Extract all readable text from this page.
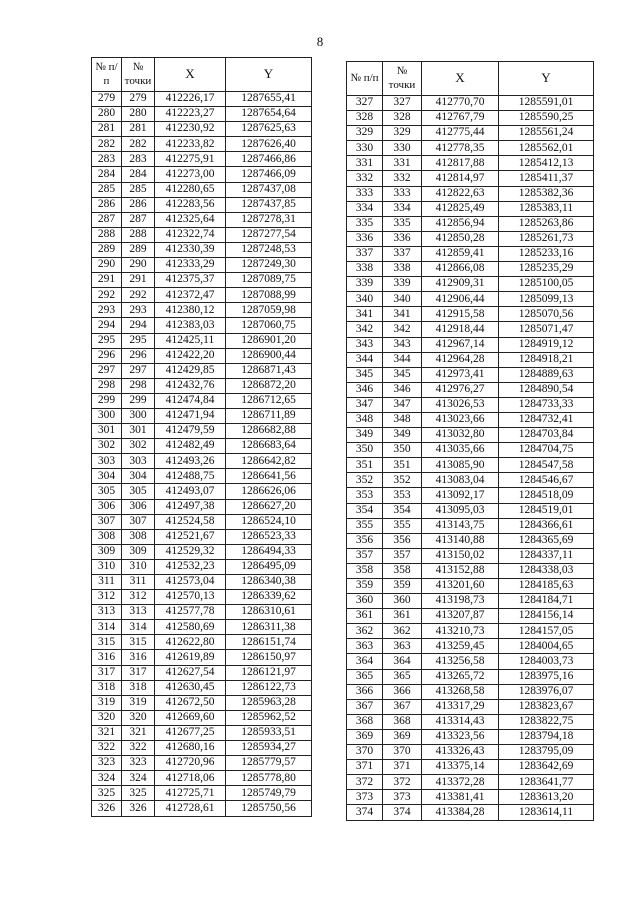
8
№ п/п	№ точки	X	Y
279	279	412226,17	1287655,41
280	280	412223,27	1287654,64
281	281	412230,92	1287625,63
282	282	412233,82	1287626,40
283	283	412275,91	1287466,86
284	284	412273,00	1287466,09
285	285	412280,65	1287437,08
286	286	412283,56	1287437,85
287	287	412325,64	1287278,31
288	288	412322,74	1287277,54
289	289	412330,39	1287248,53
290	290	412333,29	1287249,30
291	291	412375,37	1287089,75
292	292	412372,47	1287088,99
293	293	412380,12	1287059,98
294	294	412383,03	1287060,75
295	295	412425,11	1286901,20
296	296	412422,20	1286900,44
297	297	412429,85	1286871,43
298	298	412432,76	1286872,20
299	299	412474,84	1286712,65
300	300	412471,94	1286711,89
301	301	412479,59	1286682,88
302	302	412482,49	1286683,64
303	303	412493,26	1286642,82
304	304	412488,75	1286641,56
305	305	412493,07	1286626,06
306	306	412497,38	1286627,20
307	307	412524,58	1286524,10
308	308	412521,67	1286523,33
309	309	412529,32	1286494,33
310	310	412532,23	1286495,09
311	311	412573,04	1286340,38
312	312	412570,13	1286339,62
313	313	412577,78	1286310,61
314	314	412580,69	1286311,38
315	315	412622,80	1286151,74
316	316	412619,89	1286150,97
317	317	412627,54	1286121,97
318	318	412630,45	1286122,73
319	319	412672,50	1285963,28
320	320	412669,60	1285962,52
321	321	412677,25	1285933,51
322	322	412680,16	1285934,27
323	323	412720,96	1285779,57
324	324	412718,06	1285778,80
325	325	412725,71	1285749,79
326	326	412728,61	1285750,56
№ п/п	№ точки	X	Y
327	327	412770,70	1285591,01
328	328	412767,79	1285590,25
329	329	412775,44	1285561,24
330	330	412778,35	1285562,01
331	331	412817,88	1285412,13
332	332	412814,97	1285411,37
333	333	412822,63	1285382,36
334	334	412825,49	1285383,11
335	335	412856,94	1285263,86
336	336	412850,28	1285261,73
337	337	412859,41	1285233,16
338	338	412866,08	1285235,29
339	339	412909,31	1285100,05
340	340	412906,44	1285099,13
341	341	412915,58	1285070,56
342	342	412918,44	1285071,47
343	343	412967,14	1284919,12
344	344	412964,28	1284918,21
345	345	412973,41	1284889,63
346	346	412976,27	1284890,54
347	347	413026,53	1284733,33
348	348	413023,66	1284732,41
349	349	413032,80	1284703,84
350	350	413035,66	1284704,75
351	351	413085,90	1284547,58
352	352	413083,04	1284546,67
353	353	413092,17	1284518,09
354	354	413095,03	1284519,01
355	355	413143,75	1284366,61
356	356	413140,88	1284365,69
357	357	413150,02	1284337,11
358	358	413152,88	1284338,03
359	359	413201,60	1284185,63
360	360	413198,73	1284184,71
361	361	413207,87	1284156,14
362	362	413210,73	1284157,05
363	363	413259,45	1284004,65
364	364	413256,58	1284003,73
365	365	413265,72	1283975,16
366	366	413268,58	1283976,07
367	367	413317,29	1283823,67
368	368	413314,43	1283822,75
369	369	413323,56	1283794,18
370	370	413326,43	1283795,09
371	371	413375,14	1283642,69
372	372	413372,28	1283641,77
373	373	413381,41	1283613,20
374	374	413384,28	1283614,11
